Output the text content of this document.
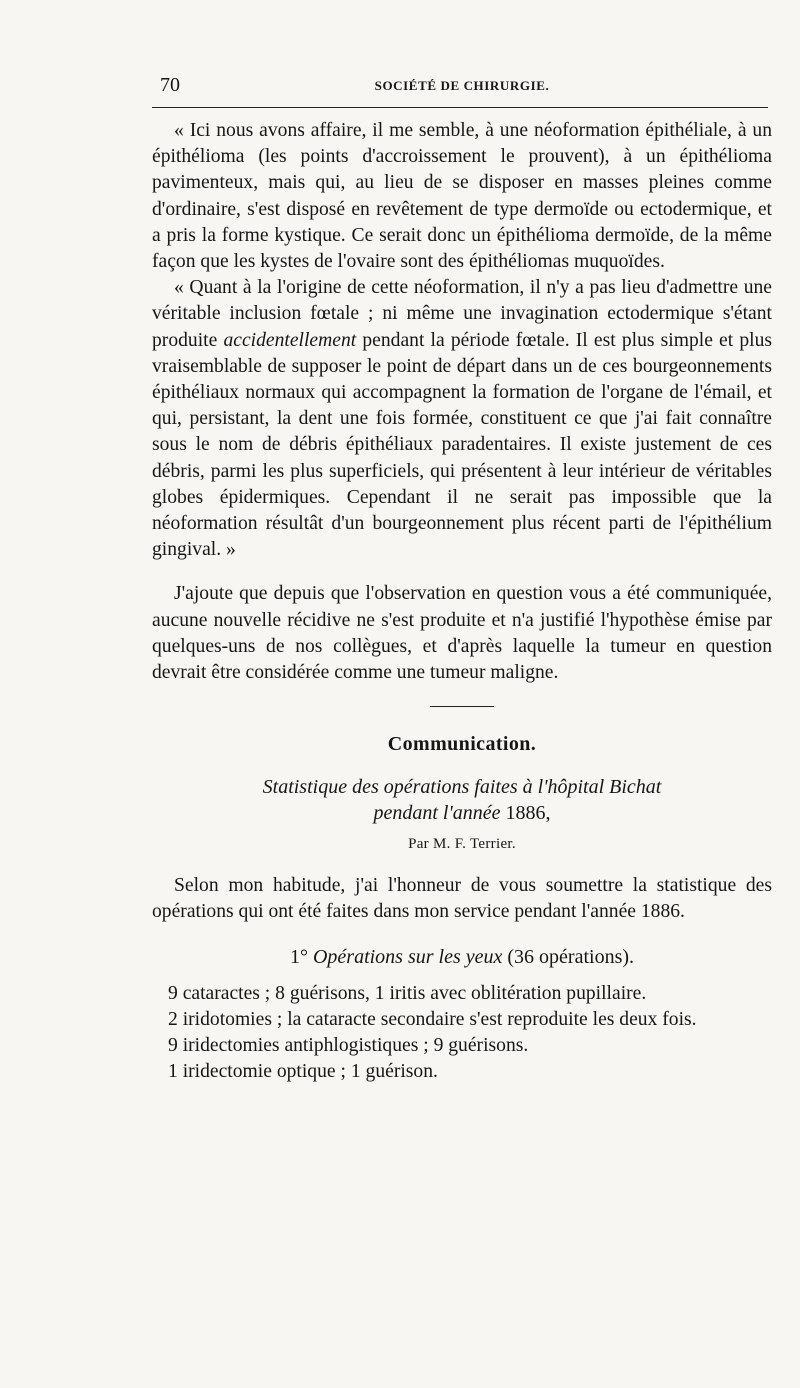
70	SOCIÉTÉ DE CHIRURGIE.

« Ici nous avons affaire, il me semble, à une néoformation épithéliale, à un épithélioma (les points d'accroissement le prouvent), à un épithélioma pavimenteux, mais qui, au lieu de se disposer en masses pleines comme d'ordinaire, s'est disposé en revêtement de type dermoïde ou ectodermique, et a pris la forme kystique. Ce serait donc un épithélioma dermoïde, de la même façon que les kystes de l'ovaire sont des épithéliomas muquoïdes.

« Quant à la l'origine de cette néoformation, il n'y a pas lieu d'admettre une véritable inclusion fœtale ; ni même une invagination ectodermique s'étant produite accidentellement pendant la période fœtale. Il est plus simple et plus vraisemblable de supposer le point de départ dans un de ces bourgeonnements épithéliaux normaux qui accompagnent la formation de l'organe de l'émail, et qui, persistant, la dent une fois formée, constituent ce que j'ai fait connaître sous le nom de débris épithéliaux paradentaires. Il existe justement de ces débris, parmi les plus superficiels, qui présentent à leur intérieur de véritables globes épidermiques. Cependant il ne serait pas impossible que la néoformation résultât d'un bourgeonnement plus récent parti de l'épithélium gingival. »

J'ajoute que depuis que l'observation en question vous a été communiquée, aucune nouvelle récidive ne s'est produite et n'a justifié l'hypothèse émise par quelques-uns de nos collègues, et d'après laquelle la tumeur en question devrait être considérée comme une tumeur maligne.

Communication.
Statistique des opérations faites à l'hôpital Bichat
pendant l'année 1886,
Par M. F. Terrier.

Selon mon habitude, j'ai l'honneur de vous soumettre la statistique des opérations qui ont été faites dans mon service pendant l'année 1886.

1° Opérations sur les yeux (36 opérations).
9 cataractes ; 8 guérisons, 1 iritis avec oblitération pupillaire.
2 iridotomies ; la cataracte secondaire s'est reproduite les deux fois.
9 iridectomies antiphlogistiques ; 9 guérisons.
1 iridectomie optique ; 1 guérison.
